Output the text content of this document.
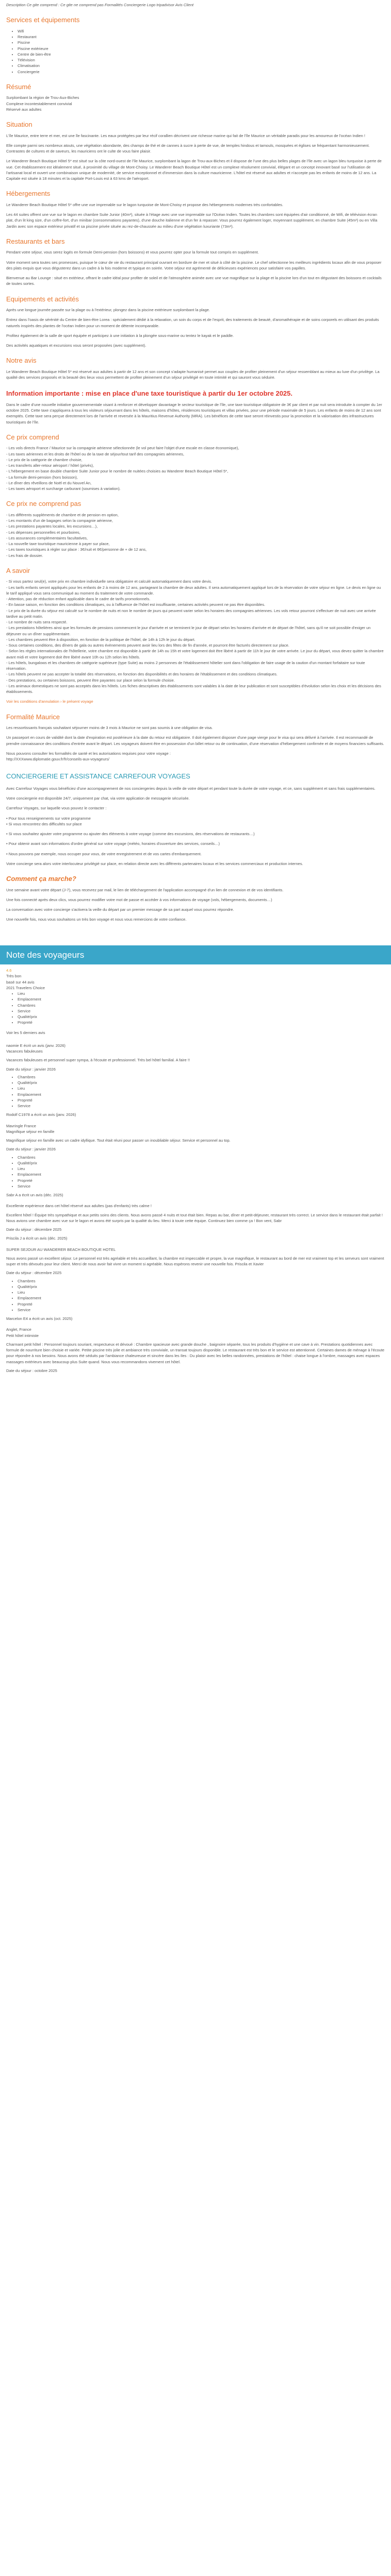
Description Ce gite comprend : Ce gite ne comprend pas Formalités Conciergerie Logo tripadvisor Avis Client

Services et équipements
• Wifi
• Restaurant
• Piscine
• Piscine extérieure
• Centre de bien-être
• Télévision
• Climatisation
• Conciergerie
Résumé

Surplombant la région de Trou-Aux-Biches
Complexe incontestablement convivial
Réservé aux adultes

Situation

L'île Maurice, entre terre et mer, est une île fascinante. Les eaux protégées par leur récif corallien décrivent une richesse marine qui fait de l'île Maurice un véritable paradis pour les amoureux de l'océan Indien !

Elle compte parmi ses nombreux atouts, une végétation abondante, des champs de thé et de cannes à sucre à perte de vue, de temples hindous et tamouls, mosquées et églises se fréquentant harmonieusement. Contrastes de cultures et de saveurs, les mauriciens ont le culte de vous faire plaisir.

Le Wanderer Beach Boutique Hôtel 5* est situé sur la côte nord-ouest de l'île Maurice, surplombant la lagon de Trou-aux-Biches et il dispose de l'une des plus belles plages de l'île avec un lagon bleu turquoise à perte de vue. Cet établissement est idéalement situé, à proximité du village de Mont-Choisy. Le Wanderer Beach Boutique Hôtel est un complexe résolument convivial, élégant et un concept innovant basé sur l'utilisation de l'artisanat local et ouvert une combinaison unique de modernité, de service exceptionnel et d'immersion dans la culture mauricienne. L'hôtel est réservé aux adultes et n'accepte pas les enfants de moins de 12 ans. La Capitale est située à 18 minutes et la capitale Port-Louis est à 63 kms de l'aéroport.

Hébergements

Le Wanderer Beach Boutique Hôtel 5* offre une vue imprenable sur le lagon turquoise de Mont-Choisy et propose des hébergements modernes très confortables.

Les 44 suites offrent une vue sur le lagon en chambre Suite Junior (40m²), située à l'étage avec une vue imprenable sur l'Océan Indien. Toutes les chambres sont équipées d'air conditionné, de Wifi, de télévision écran plat, d'un lit king size, d'un coffre-fort, d'un minibar (consommations payantes), d'une douche italienne et d'un fer à repasser. Vous pourrez également loger, moyennant supplément, en chambre Suite (45m²) ou en Villa Jardin avec son espace extérieur privatif et sa piscine privée située au rez-de-chaussée au milieu d'une végétation luxuriante (73m²).

Restaurants et bars

Pendant votre séjour, vous serez logés en formule Demi-pension (hors boissons) et vous pourrez opter pour la formule tout compris en supplément.

Votre moment sera toutes ses promesses, puisque le cœur de vie du restaurant principal ouvrant en bordure de mer et situé à côté de la piscine. Le chef sélectionne les meilleurs ingrédients locaux afin de vous proposer des plats exquis que vous dégusterez dans un cadre à la fois moderne et typique en soirée. Votre séjour est agrémenté de délicieuses expériences pour satisfaire vos papilles.

Bienvenue au Bar Lounge : situé en extérieur, offrant le cadre idéal pour profiter de soleil et de l'atmosphère animée avec une vue magnifique sur la plage et la piscine lors d'un tout en dégustant des boissons et cocktails de toutes sortes.

Equipements et activités

Après une longue journée passée sur la plage ou à l'extérieur, plongez dans la piscine extérieure surplombant la plage.

Entrez dans l'oasis de sérénité du Centre de bien-être Lorea : spécialement dédié à la relaxation, un soin du corps et de l'esprit, des traitements de beauté, d'aromathérapie et de soins corporels en utilisant des produits naturels inspirés des plantes de l'océan Indien pour un moment de détente incomparable.

Profitez également de la salle de sport équipée et participez à une initiation à la plongée sous-marine ou tentez le kayak et le paddle.

Des activités aquatiques et excursions vous seront proposées (avec supplément).

Notre avis

Le Wanderer Beach Boutique Hôtel 5* est réservé aux adultes à partir de 12 ans et son concept s'adapte humanisé permet aux couples de profiter pleinement d'un séjour ressemblant au mieux au luxe d'un privilège. La qualité des services proposés et la beauté des lieux vous permettent de profiter pleinement d'un séjour privilégié en toute intimité et qui sauront vous séduire.

Information importante : mise en place d'une taxe touristique à partir du 1er octobre 2025.

Dans le cadre d'une nouvelle initiative gouvernementale visant à renforcer et développer davantage le secteur touristique de l'île, une taxe touristique obligatoire de 3€ par client et par nuit sera introduite à compter du 1er octobre 2025. Cette taxe s'appliquera à tous les visiteurs séjournant dans les hôtels, maisons d'hôtes, résidences touristiques et villas privées, pour une période maximale de 5 jours. Les enfants de moins de 12 ans sont exemptés. Cette taxe sera perçue directement lors de l'arrivée et reversée à la Mauritius Revenue Authority (MRA). Les bénéfices de cette taxe seront réinvestis pour la promotion et la valorisation des infrastructures touristiques de l'île.

Ce prix comprend

- Les vols directs France / Maurice sur la compagnie aérienne sélectionnée (le vol peut faire l'objet d'une escale en classe économique),

- Les taxes aériennes et les droits de l'hôtel ou de la taxe de séjour/tout tarif des compagnies aériennes,

- Le prix de la catégorie de chambre choisie,

- Les transferts aller-retour aéroport / hôtel (privés),

- L'hébergement en base double chambre Suite Junior pour le nombre de nuitées choisies au Wanderer Beach Boutique Hôtel 5*,

- La formule demi-pension (hors boisson),

- Le dîner des rêveillons de Noël et du Nouvel An,

- Les taxes aéroport et surcharge carburant (soumises à variation).

Ce prix ne comprend pas

- Les différents suppléments de chambre et de pension en option,

- Les montants d'un de bagages selon la compagnie aérienne,

- Les prestations payantes locales, les excursions…),

- Les dépenses personnelles et pourboires,

- Les assurances complémentaires facultatives,

- La nouvelle taxe touristique mauricienne à payer sur place,

- Les taxes touristiques à régler sur place : 3€/nuit et 6€/personne de + de 12 ans,

- Les frais de dossier.

A savoir

- Si vous partez seul(e), votre prix en chambre individuelle sera obligatoire et calculé automatiquement dans votre devis.

- Les tarifs enfants seront appliqués pour les enfants de 2 à moins de 12 ans, partageant la chambre de deux adultes. Il sera automatiquement appliqué lors de la réservation de votre séjour en ligne. Le devis en ligne ou le tarif appliqué vous sera communiqué au moment du traitement de votre commande.

- Attention, pas de réduction enfant applicable dans le cadre de tarifs promotionnels.

- En basse saison, en fonction des conditions climatiques, ou à l'affluence de l'hôtel est insuffisante, certaines activités peuvent ne pas être disponibles.

- Le prix de la durée du séjour est calculé sur le nombre de nuits et non le nombre de jours qui peuvent varier selon les horaires des compagnies aériennes. Les vols retour pourront s'effectuer de nuit avec une arrivée tardive au petit matin.

- Le nombre de nuits sera respecté.

- Les prestations hôtelières ainsi que les formules de pensions commencent le jour d'arrivée et se terminent le jour de départ selon les horaires d'arrivée et de départ de l'hôtel, sans qu'il ne soit possible d'exiger un déjeuner ou un dîner supplémentaire.

- Les chambres peuvent être à disposition, en fonction de la politique de l'hôtel, de 14h à 12h le jour du départ.

- Sous certaines conditions, des dîners de gala ou autres évènements peuvent avoir lieu lors des fêtes de fin d'année, et pourront être facturés directement sur place.

- Selon les règles internationales de l'hôtellerie, votre chambre est disponible à partir de 14h ou 15h et votre logement doit être libéré à partir de 11h le jour de votre arrivée. Le jour du départ, vous devez quitter la chambre avant midi et votre logement doit être libéré avant 10h ou 12h selon les hôtels.

- Les hôtels, bungalows et les chambres de catégorie supérieure (type Suite) au moins 2 personnes de l'établissement hôtelier sont dans l'obligation de faire usage de la caution d'un montant forfaitaire sur toute réservation.

- Les hôtels peuvent ne pas accepter la totalité des réservations, en fonction des disponibilités et des horaires de l'établissement et des conditions climatiques.

- Des prestations, ou certaines boissons, peuvent être payantes sur place selon la formule choisie.

- Les animaux domestiques ne sont pas acceptés dans les hôtels. Les fiches descriptives des établissements sont valables à la date de leur publication et sont susceptibles d'évolution selon les choix et les décisions des établissements.

Voir les conditions d'annulation › le présent voyage

Formalité Maurice

Les ressortissants français souhaitant séjourner moins de 3 mois à Maurice ne sont pas soumis à une obligation de visa.

Un passeport en cours de validité dont la date d'expiration est postérieure à la date du retour est obligatoire. Il doit également disposer d'une page vierge pour le visa qui sera délivré à l'arrivée. Il est recommandé de prendre connaissance des conditions d'entrée avant le départ. Les voyageurs doivent être en possession d'un billet retour ou de continuation, d'une réservation d'hébergement confirmée et de moyens financiers suffisants.

Nous pouvons consulter les formalités de santé et les autorisations requises pour votre voyage :
http://XXXwww.diplomatie.gouv.fr/fr/conseils-aux-voyageurs/

CONCIERGERIE ET ASSISTANCE CARREFOUR VOYAGES

Avec Carrefour Voyages vous bénéficiez d'une accompagnement de nos conciergeries depuis la veille de votre départ et pendant toute la durée de votre voyage, et ce, sans supplément et sans frais supplémentaires.

Votre conciergerie est disponible 24/7, uniquement par chat, via votre application de messagerie sécurisée.

Carrefour Voyages, sur laquelle vous pouvez le contacter :

• Pour tous renseignements sur votre programme
• Si vous rencontrez des difficultés sur place

• Si vous souhaitez ajouter votre programme ou ajouter des éléments à votre voyage (comme des excursions, des réservations de restaurants…)

• Pour obtenir avant son informations d'ordre général sur votre voyage (météo, horaires d'ouverture des services, conseils…)

• Nous pouvons par exemple, nous occuper pour vous, de votre enregistrement et de vos cartes d'embarquement.

Votre concierge sera alors votre interlocuteur privilégié sur place, en relation directe avec les différents partenaires locaux et les services commerciaux et production internes.

Comment ça marche?

Une semaine avant votre départ (J-7), vous recevrez par mail, le lien de téléchargement de l'application accompagné d'un lien de connexion et de vos identifiants.

Une fois connecté après deux clics, vous pourrez modifier votre mot de passe et accéder à vos informations de voyage (vols, hébergements, documents…)

La conversation avec votre concierge s'activera la veille du départ par un premier message de sa part auquel vous pourrez répondre.

Une nouvelle fois, nous vous souhaitons un très bon voyage et nous vous remercions de votre confiance.

Note des voyageurs
4.6
Très bon
basé sur 44 avis
2021 Travelers Choice
• Lieu
• Emplacement
• Chambres
• Service
• Qualité/prix
• Propreté
Voir les 5 derniers avis

naomie E écrit un avis (janv. 2026)

Vacances fabuleuses

Vacances fabuleuses et personnel super sympa, à l'écoute et professionnel. Très bel hôtel familial. A faire !!

Date du séjour : janvier 2026

• Chambres
• Qualité/prix
• Lieu
• Emplacement
• Propreté
• Service

Rodolf C1978 a écrit un avis (janv. 2026)

Mavringle France

Magnifique séjour en famille

Magnifique séjour en famille avec un cadre idyllique. Tout était réuni pour passer un inoubliable séjour. Service et personnel au top.

Date du séjour : janvier 2026

• Chambres
• Qualité/prix
• Lieu
• Emplacement
• Propreté
• Service

Sabr A a écrit un avis (déc. 2025)

Excellente expérience dans cet hôtel réservé aux adultes (pas d'enfants) très calme !

Excellent hôtel ! Équipe très sympathique et aux petits soins des clients. Nous avons passé 4 nuits et tout était bien. Repas au bar, dîner et petit-déjeuner, restaurant très correct. Le service dans le restaurant était parfait ! Nous avions une chambre avec vue sur le lagon et avons été surpris par la qualité du lieu. Merci à toute cette équipe. Continuez bien comme ça ! Bon vent, Sabr

Date du séjour : décembre 2025

Priscila J a écrit un avis (déc. 2025)

SUPER SEJOUR AU WANDERER BEACH BOUTIQUE HOTEL

Nous avons passé un excellent séjour. Le personnel est très agréable et très accueillant, la chambre est impeccable et propre, la vue magnifique, le restaurant au bord de mer est vraiment top et les serveurs sont vraiment super et très dévoués pour leur client. Merci de nous avoir fait vivre un moment si agréable. Nous espérons revenir une nouvelle fois. Priscila et Xavier

Date du séjour : décembre 2025

• Chambres
• Qualité/prix
• Lieu
• Emplacement
• Propreté
• Service

Marcelon E4 a écrit un avis (oct. 2025)

Anglet, France

Petit hôtel intimiste

Charmant petit hôtel : Personnel toujours souriant, respectueux et dévoué : Chambre spacieuse avec grande douche , baignoire séparée, tous les produits d'hygiène et une cave à vin. Prestations quotidiennes avec formule de nourriture bien choisie et variée. Petite piscine très jolie et ambiance très conviviale, un transat toujours disponible. Le restaurant est très bon et le service est attentionné. Certaines dames de ménage à l'écoute pour répondre à nos besoins. Nous avons été séduits par l'ambiance chaleureuse et sincère dans les Iles : Du plaisir avec les belles randonnées, prestations de l'hôtel : chaise longue à l'ombre, massages avec espaces massages extérieurs avec beaucoup plus Suite quand. Nous vous recommandons vivement cet hôtel.

Date du séjour : octobre 2025
